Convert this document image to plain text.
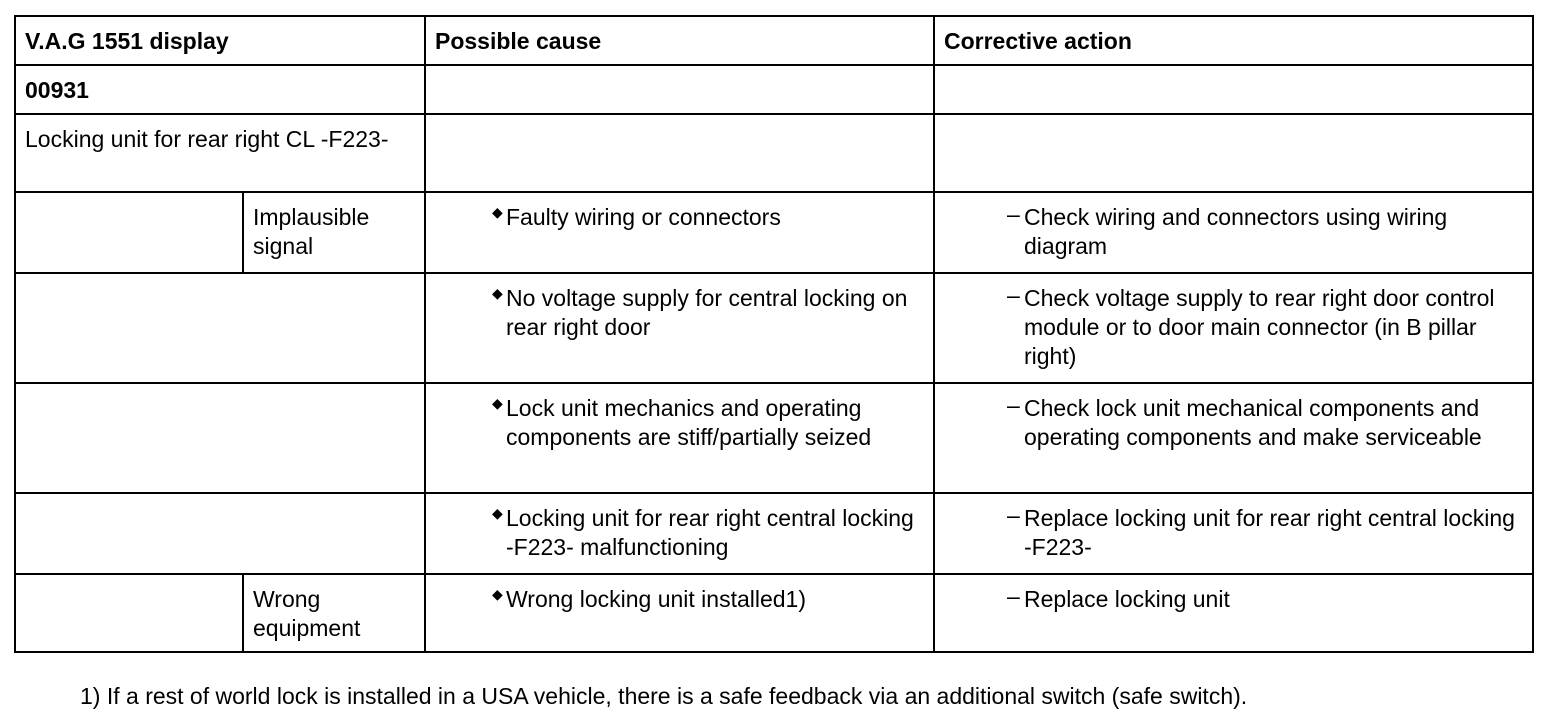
V.A.G 1551 display		Possible cause	Corrective action
00931			
Locking unit for rear right CL -F223-			
	Implausible signal	◆ Faulty wiring or connectors	– Check wiring and connectors using wiring diagram

		◆ No voltage supply for central locking on rear right door	– Check voltage supply to rear right door control module or to door main connector (in B pillar right)

		◆ Lock unit mechanics and operating components are stiff/partially seized	– Check lock unit mechanical components and operating components and make serviceable

		◆ Locking unit for rear right central locking -F223- malfunctioning	– Replace locking unit for rear right central locking -F223-
	Wrong equipment	◆ Wrong locking unit installed1)	– Replace locking unit
1) If a rest of world lock is installed in a USA vehicle, there is a safe feedback via an additional switch (safe switch).
